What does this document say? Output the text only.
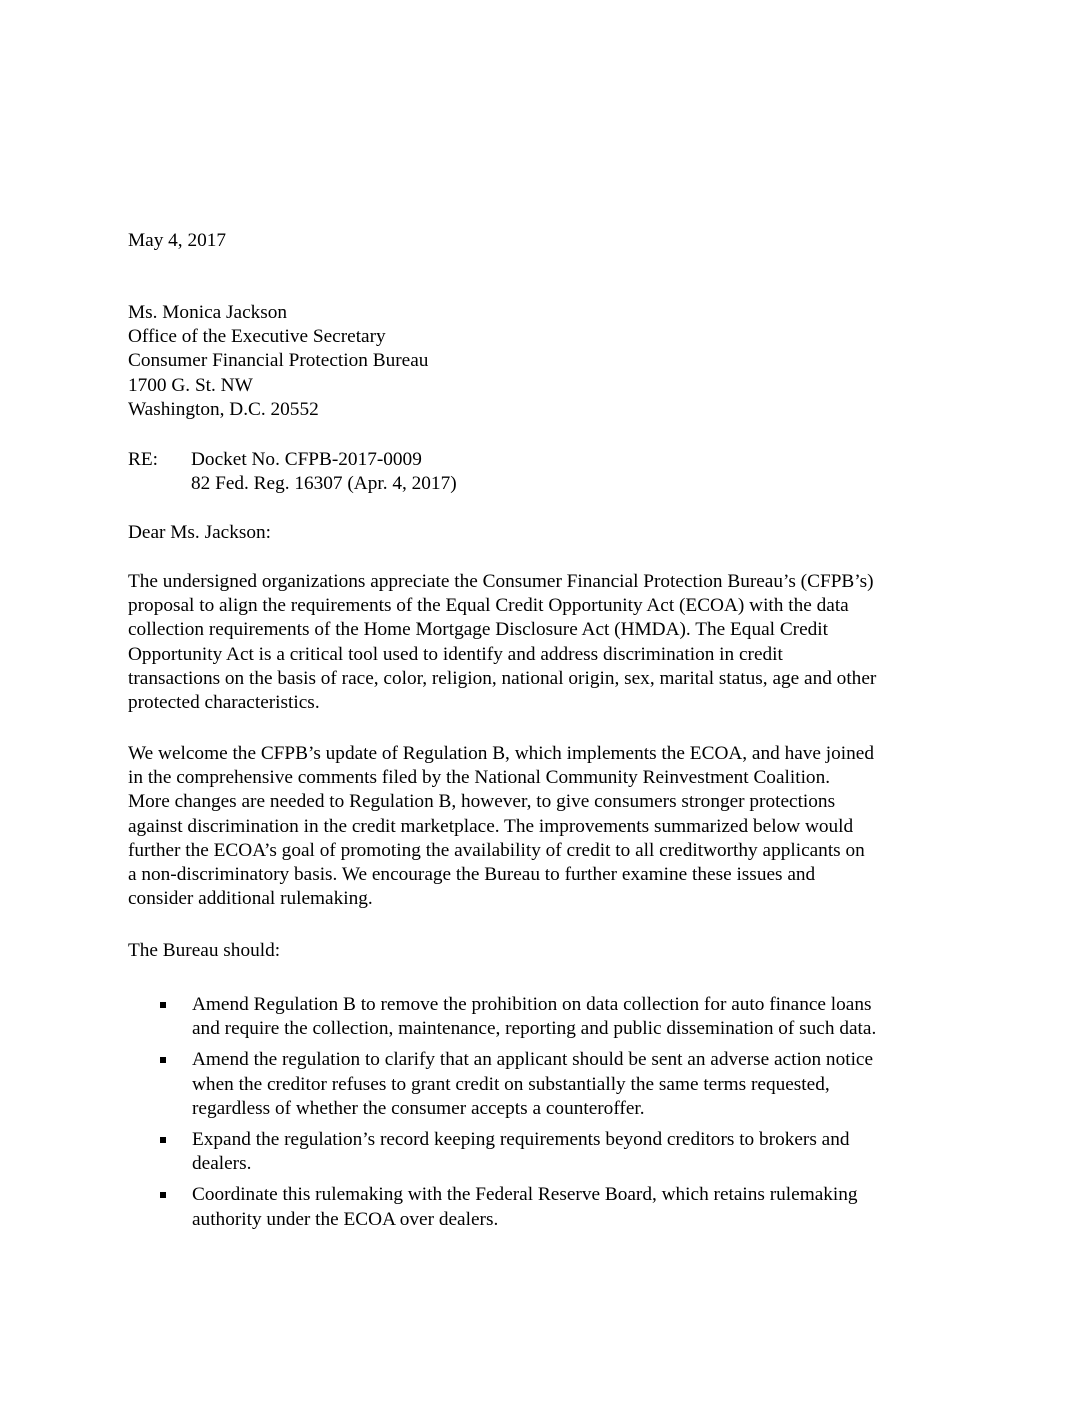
May 4, 2017

Ms. Monica Jackson
Office of the Executive Secretary
Consumer Financial Protection Bureau
1700 G. St. NW
Washington, D.C. 20552

RE: Docket No. CFPB-2017-0009
82 Fed. Reg. 16307 (Apr. 4, 2017)

Dear Ms. Jackson:

The undersigned organizations appreciate the Consumer Financial Protection Bureau’s (CFPB’s)
proposal to align the requirements of the Equal Credit Opportunity Act (ECOA) with the data
collection requirements of the Home Mortgage Disclosure Act (HMDA). The Equal Credit
Opportunity Act is a critical tool used to identify and address discrimination in credit
transactions on the basis of race, color, religion, national origin, sex, marital status, age and other
protected characteristics.

We welcome the CFPB’s update of Regulation B, which implements the ECOA, and have joined
in the comprehensive comments filed by the National Community Reinvestment Coalition.
More changes are needed to Regulation B, however, to give consumers stronger protections
against discrimination in the credit marketplace. The improvements summarized below would
further the ECOA’s goal of promoting the availability of credit to all creditworthy applicants on
a non-discriminatory basis. We encourage the Bureau to further examine these issues and
consider additional rulemaking.

The Bureau should:

Amend Regulation B to remove the prohibition on data collection for auto finance loans
and require the collection, maintenance, reporting and public dissemination of such data.
Amend the regulation to clarify that an applicant should be sent an adverse action notice
when the creditor refuses to grant credit on substantially the same terms requested,
regardless of whether the consumer accepts a counteroffer.
Expand the regulation’s record keeping requirements beyond creditors to brokers and
dealers.
Coordinate this rulemaking with the Federal Reserve Board, which retains rulemaking
authority under the ECOA over dealers.
